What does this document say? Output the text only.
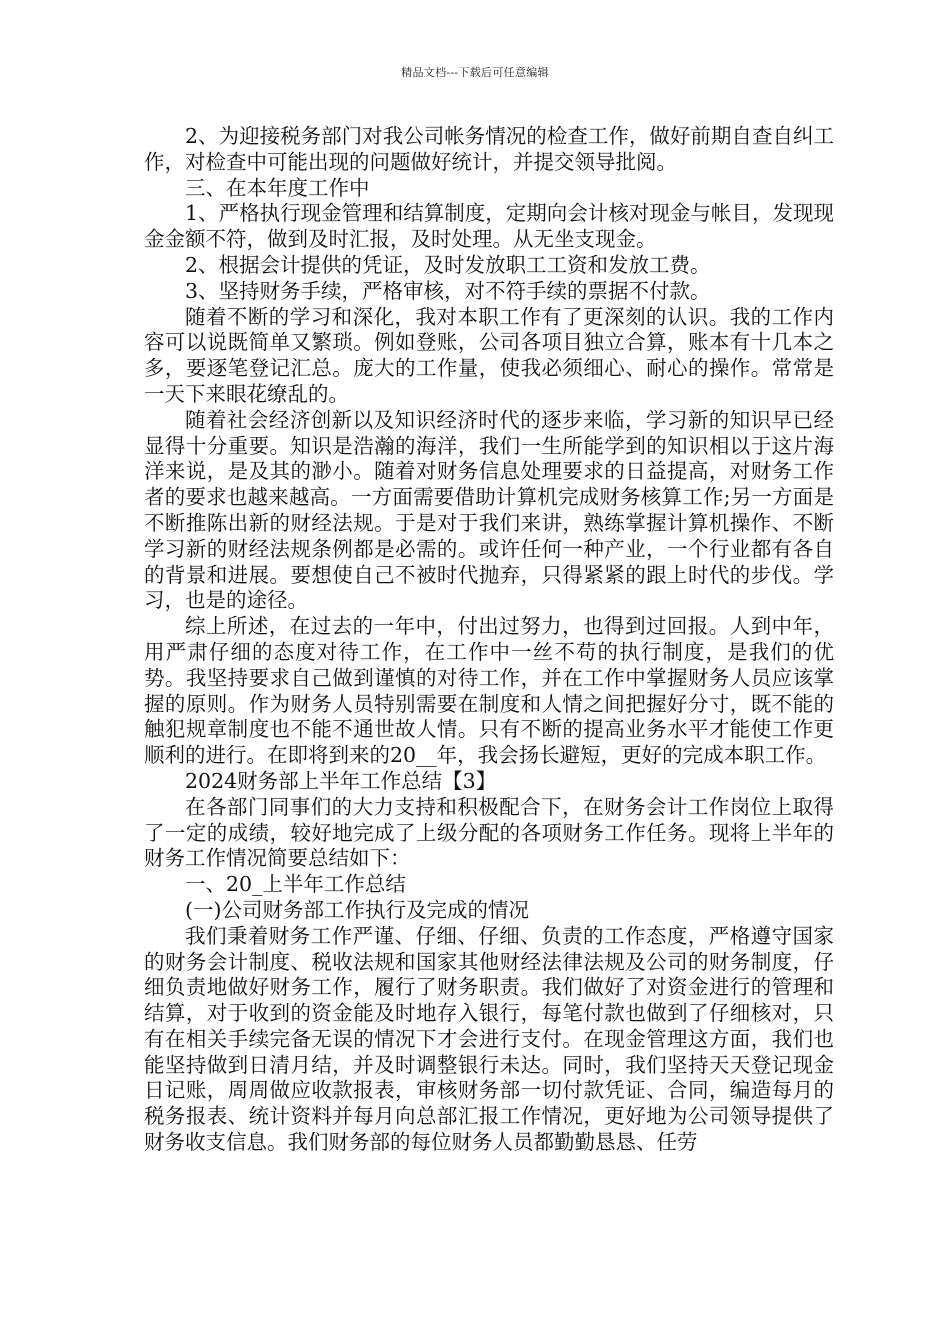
精品文档---下载后可任意编辑

2、为迎接税务部门对我公司帐务情况的检查工作，做好前期自查自纠工作，对检查中可能出现的问题做好统计，并提交领导批阅。

三、在本年度工作中

1、严格执行现金管理和结算制度，定期向会计核对现金与帐目，发现现金金额不符，做到及时汇报，及时处理。从无坐支现金。

2、根据会计提供的凭证，及时发放职工工资和发放工费。

3、坚持财务手续，严格审核，对不符手续的票据不付款。

随着不断的学习和深化，我对本职工作有了更深刻的认识。我的工作内容可以说既简单又繁琐。例如登账，公司各项目独立合算，账本有十几本之多，要逐笔登记汇总。庞大的工作量，使我必须细心、耐心的操作。常常是一天下来眼花缭乱的。

随着社会经济创新以及知识经济时代的逐步来临，学习新的知识早已经显得十分重要。知识是浩瀚的海洋，我们一生所能学到的知识相以于这片海洋来说，是及其的渺小。随着对财务信息处理要求的日益提高，对财务工作者的要求也越来越高。一方面需要借助计算机完成财务核算工作;另一方面是不断推陈出新的财经法规。于是对于我们来讲，熟练掌握计算机操作、不断学习新的财经法规条例都是必需的。或许任何一种产业，一个行业都有各自的背景和进展。要想使自己不被时代抛弃，只得紧紧的跟上时代的步伐。学习，也是的途径。

综上所述，在过去的一年中，付出过努力，也得到过回报。人到中年，用严肃仔细的态度对待工作，在工作中一丝不苟的执行制度，是我们的优势。我坚持要求自己做到谨慎的对待工作，并在工作中掌握财务人员应该掌握的原则。作为财务人员特别需要在制度和人情之间把握好分寸，既不能的触犯规章制度也不能不通世故人情。只有不断的提高业务水平才能使工作更顺利的进行。在即将到来的20__年，我会扬长避短，更好的完成本职工作。

2024财务部上半年工作总结【3】

在各部门同事们的大力支持和积极配合下，在财务会计工作岗位上取得了一定的成绩，较好地完成了上级分配的各项财务工作任务。现将上半年的财务工作情况简要总结如下：

一、20_上半年工作总结

(一)公司财务部工作执行及完成的情况

我们秉着财务工作严谨、仔细、仔细、负责的工作态度，严格遵守国家的财务会计制度、税收法规和国家其他财经法律法规及公司的财务制度，仔细负责地做好财务工作，履行了财务职责。我们做好了对资金进行的管理和结算，对于收到的资金能及时地存入银行，每笔付款也做到了仔细核对，只有在相关手续完备无误的情况下才会进行支付。在现金管理这方面，我们也能坚持做到日清月结，并及时调整银行未达。同时，我们坚持天天登记现金日记账，周周做应收款报表，审核财务部一切付款凭证、合同，编造每月的税务报表、统计资料并每月向总部汇报工作情况，更好地为公司领导提供了财务收支信息。我们财务部的每位财务人员都勤勤恳恳、任劳
